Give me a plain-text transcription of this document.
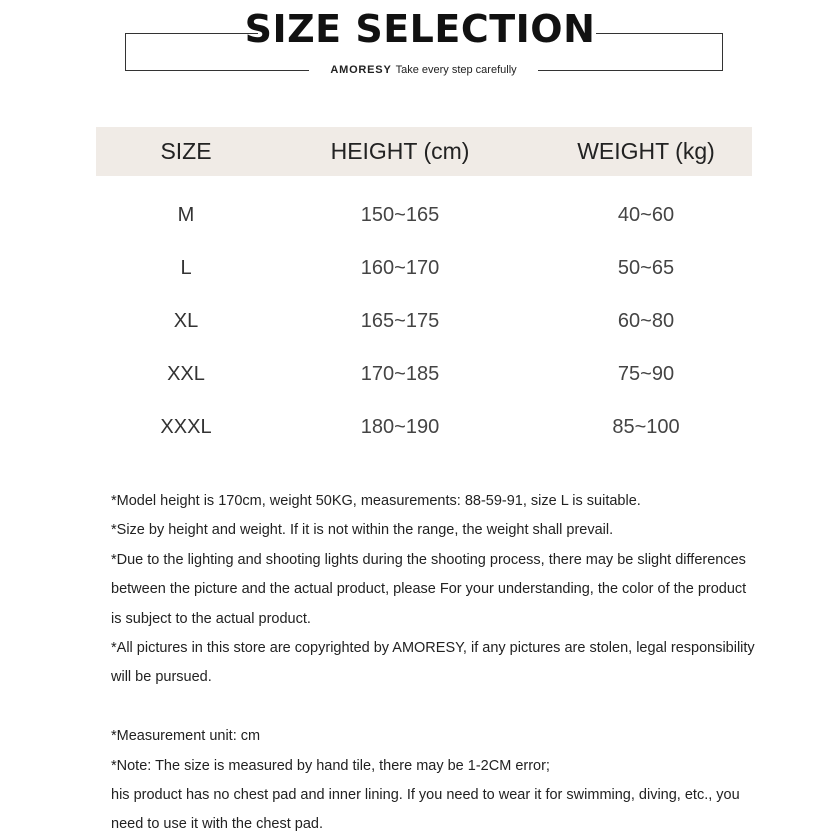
SIZE SELECTION
AMORESY Take every step carefully
SIZE	HEIGHT (cm)	WEIGHT (kg)
M	150~165	40~60
L	160~170	50~65
XL	165~175	60~80
XXL	170~185	75~90
XXXL	180~190	85~100
*Model height is 170cm, weight 50KG, measurements: 88-59-91, size L is suitable.
*Size by height and weight. If it is not within the range, the weight shall prevail.
*Due to the lighting and shooting lights during the shooting process, there may be slight differences
between the picture and the actual product, please For your understanding, the color of the product
is subject to the actual product.
*All pictures in this store are copyrighted by AMORESY, if any pictures are stolen, legal responsibility
will be pursued.
*Measurement unit: cm
*Note: The size is measured by hand tile, there may be 1-2CM error;
his product has no chest pad and inner lining. If you need to wear it for swimming, diving, etc., you
need to use it with the chest pad.
